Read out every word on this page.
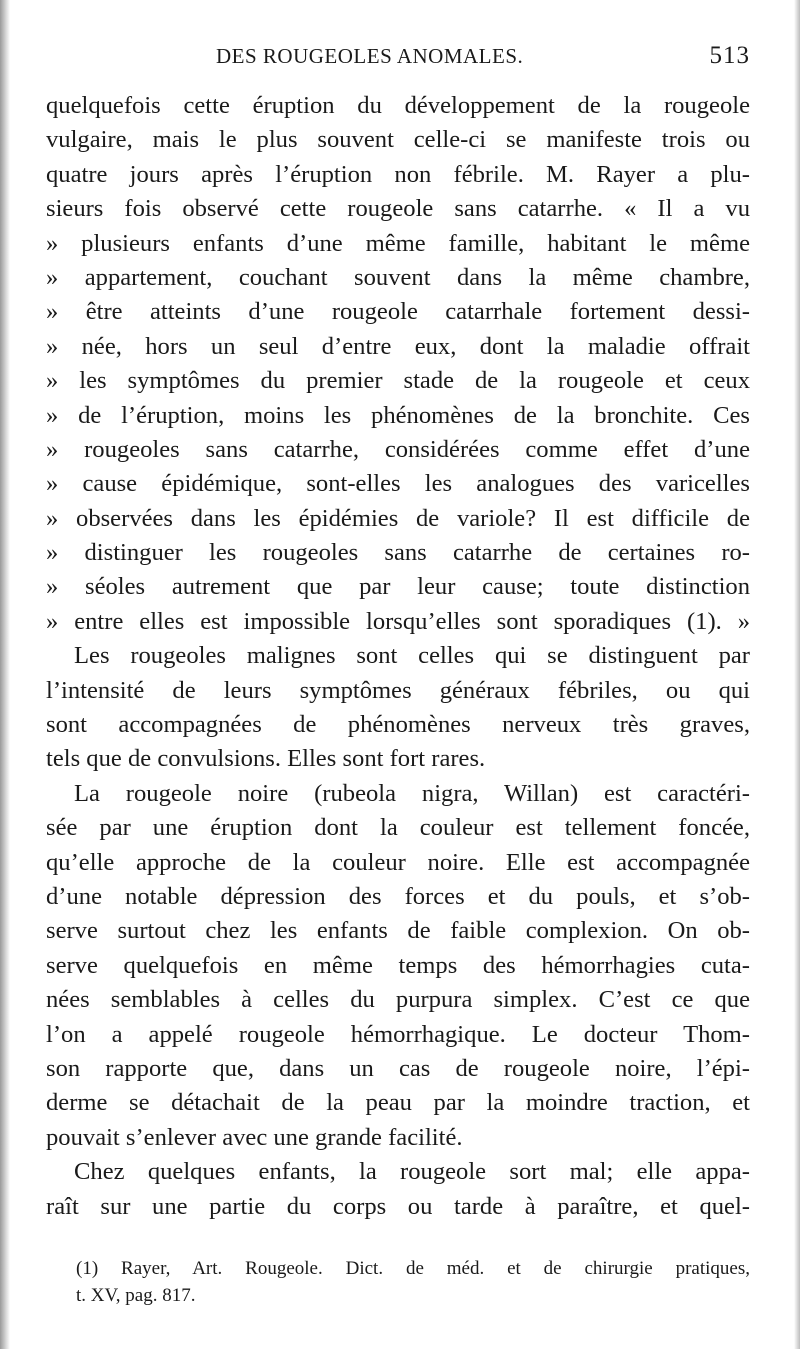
DES ROUGEOLES ANOMALES.	513
quelquefois cette éruption du développement de la rougeole
vulgaire, mais le plus souvent celle-ci se manifeste trois ou
quatre jours après l’éruption non fébrile. M. Rayer a plu-
sieurs fois observé cette rougeole sans catarrhe. « Il a vu
» plusieurs enfants d’une même famille, habitant le même
» appartement, couchant souvent dans la même chambre,
» être atteints d’une rougeole catarrhale fortement dessi-
» née, hors un seul d’entre eux, dont la maladie offrait
» les symptômes du premier stade de la rougeole et ceux
» de l’éruption, moins les phénomènes de la bronchite. Ces
» rougeoles sans catarrhe, considérées comme effet d’une
» cause épidémique, sont-elles les analogues des varicelles
» observées dans les épidémies de variole? Il est difficile de
» distinguer les rougeoles sans catarrhe de certaines ro-
» séoles autrement que par leur cause; toute distinction
» entre elles est impossible lorsqu’elles sont sporadiques (1). »
Les rougeoles malignes sont celles qui se distinguent par
l’intensité de leurs symptômes généraux fébriles, ou qui
sont accompagnées de phénomènes nerveux très graves,
tels que de convulsions. Elles sont fort rares.
La rougeole noire (rubeola nigra, Willan) est caractéri-
sée par une éruption dont la couleur est tellement foncée,
qu’elle approche de la couleur noire. Elle est accompagnée
d’une notable dépression des forces et du pouls, et s’ob-
serve surtout chez les enfants de faible complexion. On ob-
serve quelquefois en même temps des hémorrhagies cuta-
nées semblables à celles du purpura simplex. C’est ce que
l’on a appelé rougeole hémorrhagique. Le docteur Thom-
son rapporte que, dans un cas de rougeole noire, l’épi-
derme se détachait de la peau par la moindre traction, et
pouvait s’enlever avec une grande facilité.
Chez quelques enfants, la rougeole sort mal; elle appa-
raît sur une partie du corps ou tarde à paraître, et quel-
(1) Rayer, Art. Rougeole. Dict. de méd. et de chirurgie pratiques,
t. XV, pag. 817.
